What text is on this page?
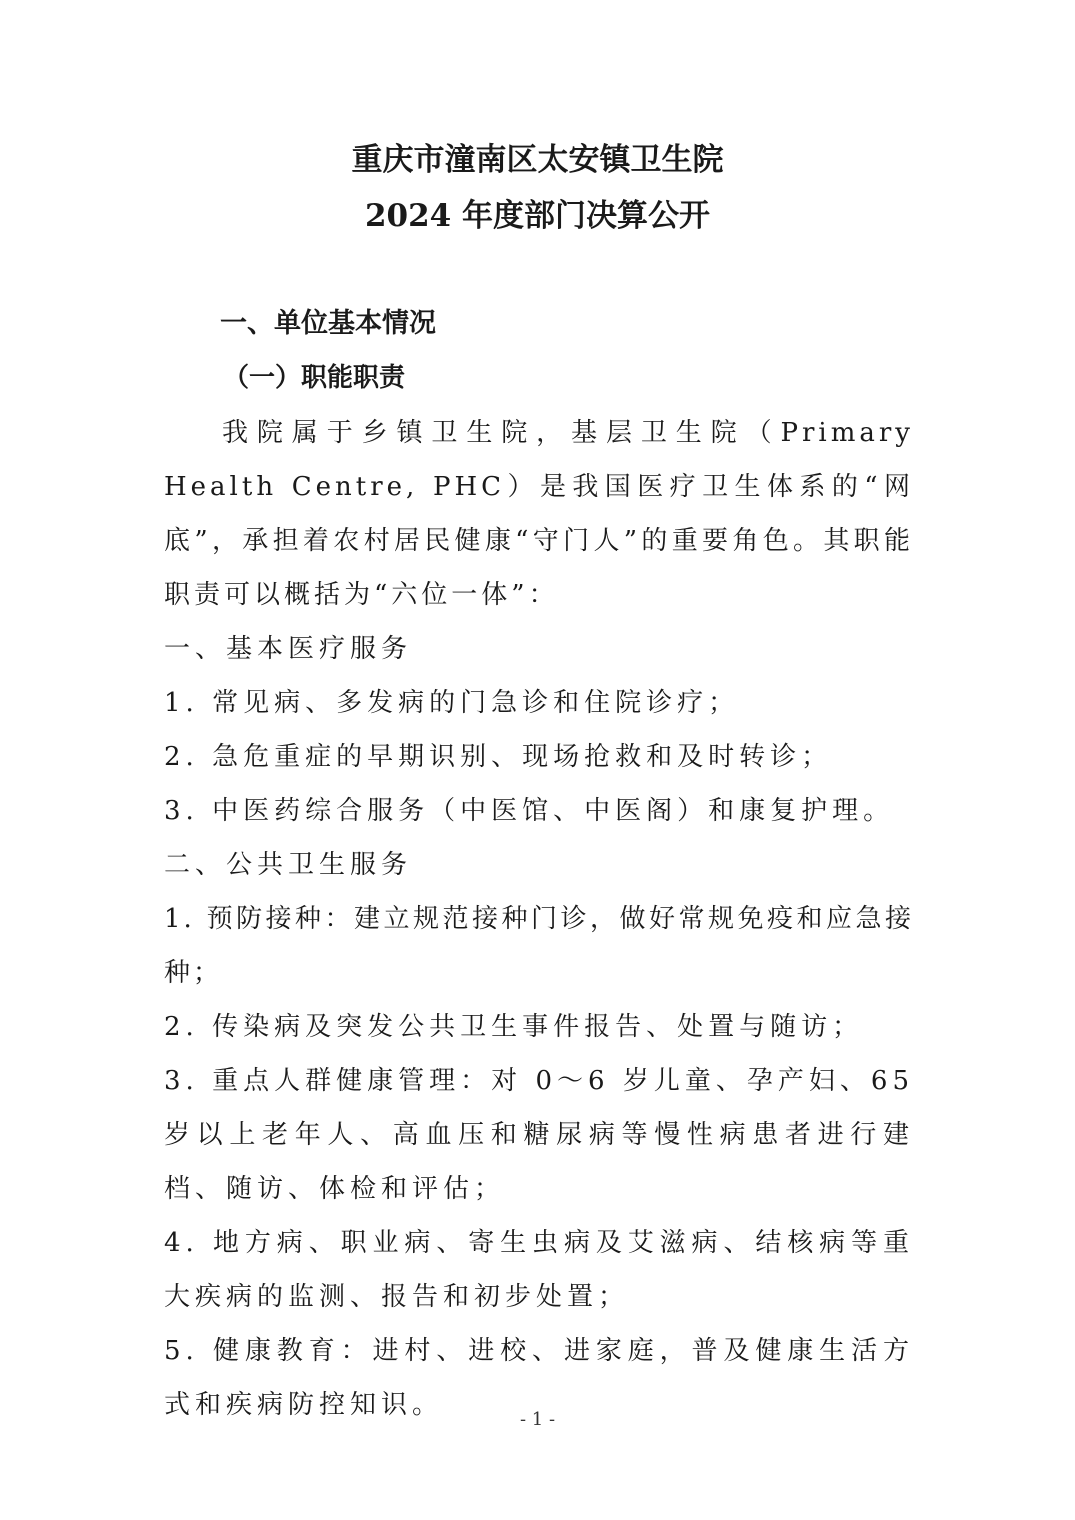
重庆市潼南区太安镇卫生院
2024 年度部门决算公开
一、单位基本情况
（一）职能职责

我院属于乡镇卫生院，基层卫生院（Primary Health Centre, PHC）是我国医疗卫生体系的“网底”，承担着农村居民健康“守门人”的重要角色。其职能职责可以概括为“六位一体”：

一、基本医疗服务

1. 常见病、多发病的门急诊和住院诊疗；

2. 急危重症的早期识别、现场抢救和及时转诊；

3. 中医药综合服务（中医馆、中医阁）和康复护理。

二、公共卫生服务

1. 预防接种：建立规范接种门诊，做好常规免疫和应急接种；

2. 传染病及突发公共卫生事件报告、处置与随访；

3. 重点人群健康管理：对 0～6 岁儿童、孕产妇、65 岁以上老年人、高血压和糖尿病等慢性病患者进行建档、随访、体检和评估；

4. 地方病、职业病、寄生虫病及艾滋病、结核病等重大疾病的监测、报告和初步处置；

5. 健康教育：进村、进校、进家庭，普及健康生活方式和疾病防控知识。	- 1 -
